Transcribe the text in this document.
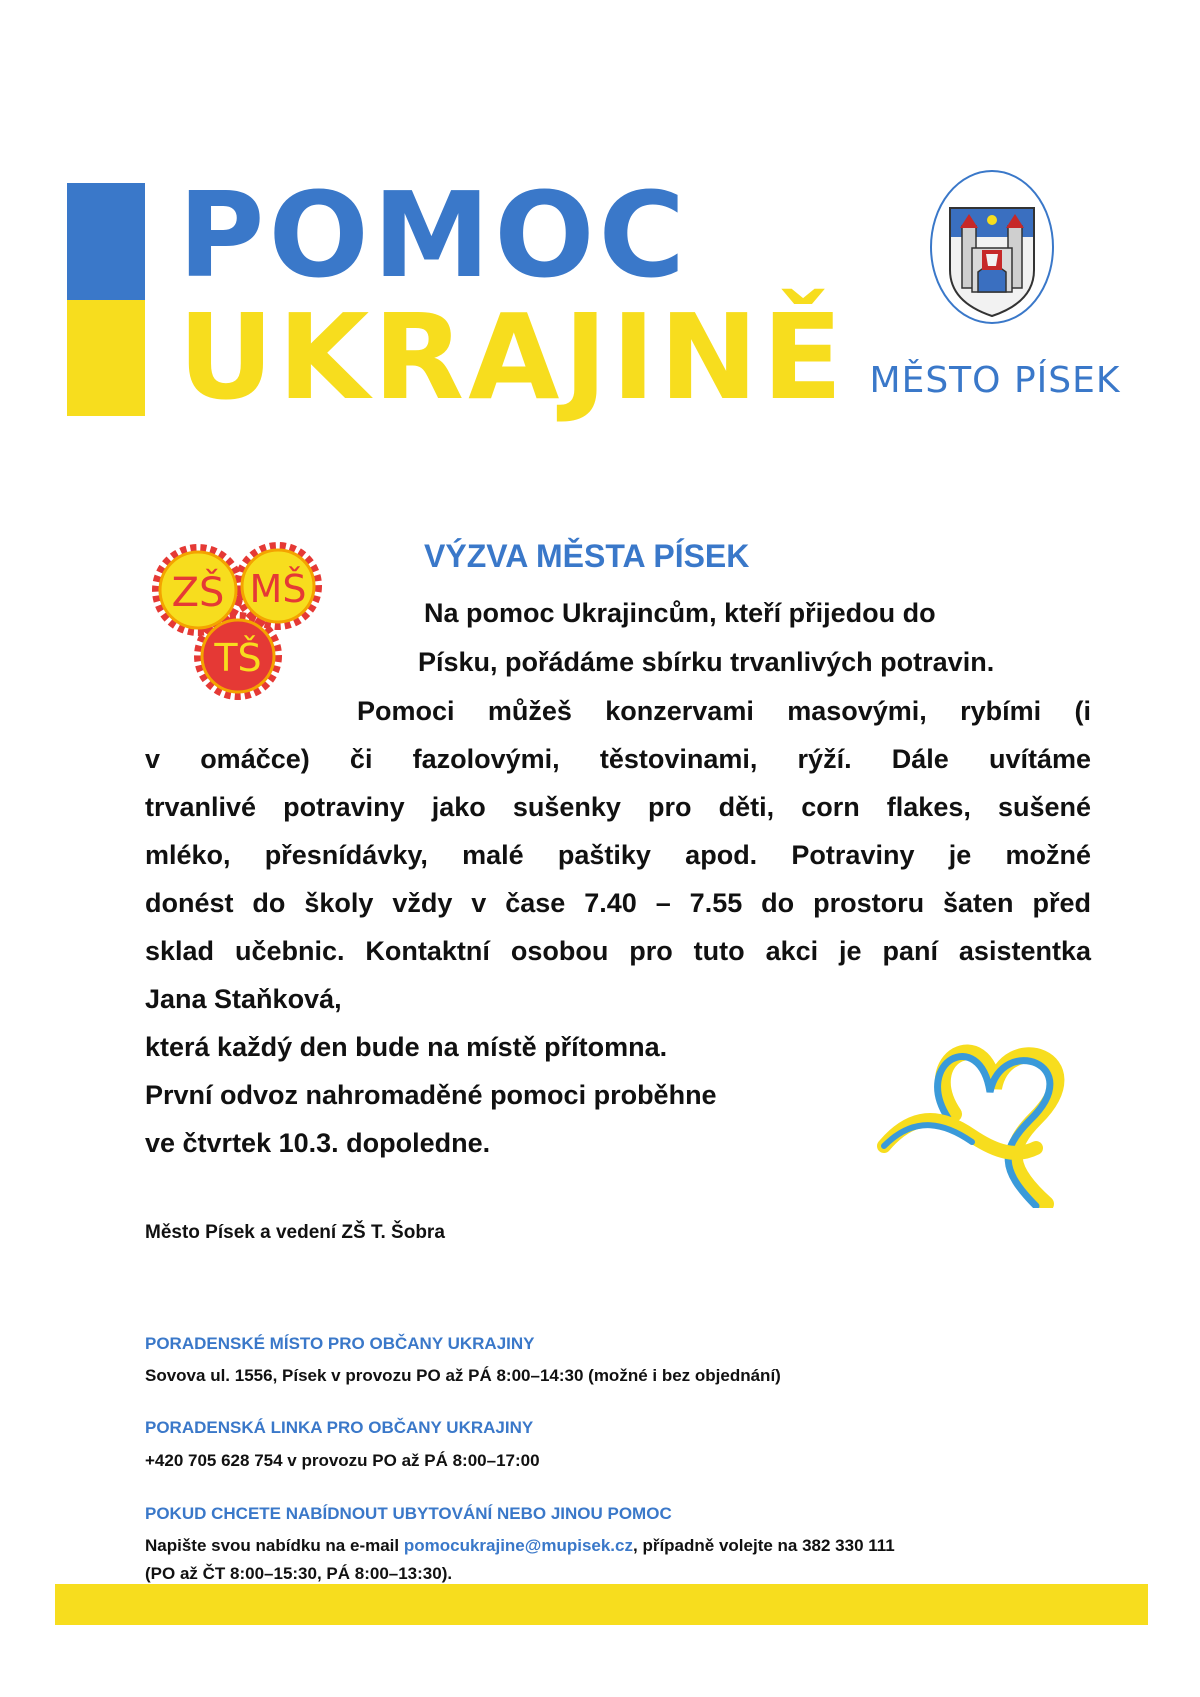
POMOC
UKRAJINĚ MĚSTO PÍSEK
ZŠ MŠ
TŠ
VÝZVA MĚSTA PÍSEK
Na pomoc Ukrajincům, kteří přijedou do
Písku, pořádáme sbírku trvanlivých potravin.
Pomoci můžeš konzervami masovými, rybími (i
v omáčce) či fazolovými, těstovinami, rýží. Dále uvítáme
trvanlivé potraviny jako sušenky pro děti, corn flakes, sušené
mléko, přesnídávky, malé paštiky apod. Potraviny je možné
donést do školy vždy v čase 7.40 – 7.55 do prostoru šaten před
sklad učebnic. Kontaktní osobou pro tuto akci je paní asistentka
Jana Staňková,
která každý den bude na místě přítomna.
První odvoz nahromaděné pomoci proběhne
ve čtvrtek 10.3. dopoledne.
Město Písek a vedení ZŠ T. Šobra
PORADENSKÉ MÍSTO PRO OBČANY UKRAJINY
Sovova ul. 1556, Písek v provozu PO až PÁ 8:00–14:30 (možné i bez objednání)
PORADENSKÁ LINKA PRO OBČANY UKRAJINY
+420 705 628 754 v provozu PO až PÁ 8:00–17:00
POKUD CHCETE NABÍDNOUT UBYTOVÁNÍ NEBO JINOU POMOC
Napište svou nabídku na e-mail pomocukrajine@mupisek.cz, případně volejte na 382 330 111
(PO až ČT 8:00–15:30, PÁ 8:00–13:30).
